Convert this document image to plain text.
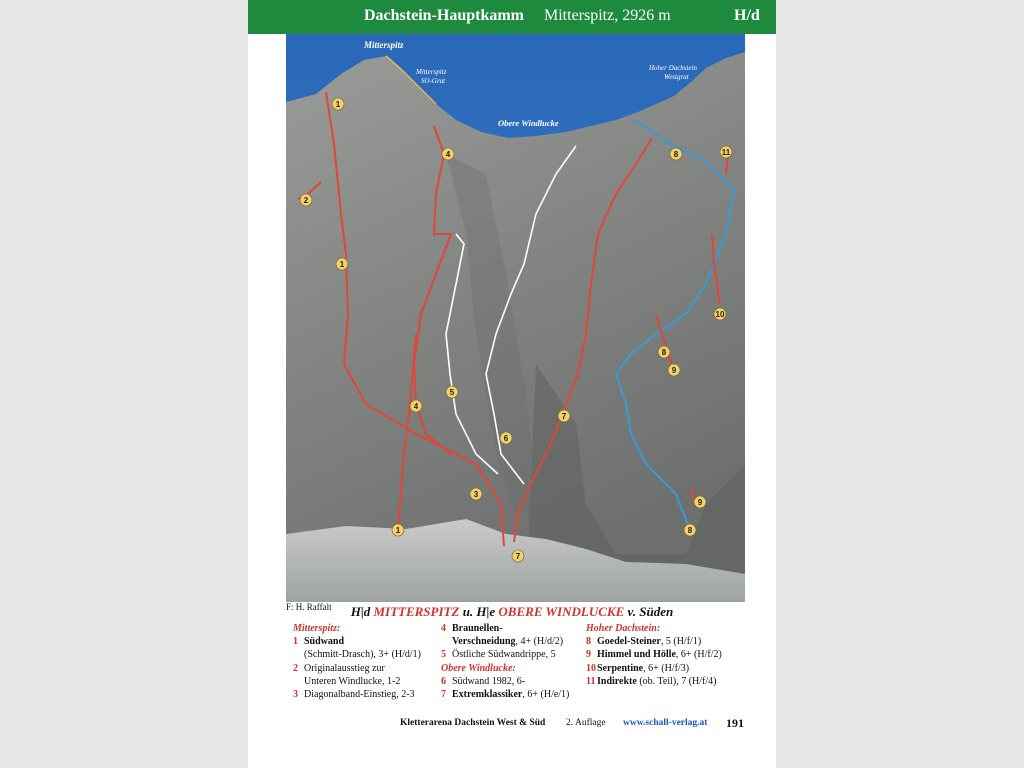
Dachstein-Hauptkamm Mitterspitz, 2926 m	H/d
Mitterspitz
Mitterspitz
SO-Grat
Obere Windlucke
Hoher Dachstein
Westgrat
1
2
1
1
3
4
4
5
6
7
7
8
8
8
9
9
10
11
F: H. Raffalt	H|d MITTERSPITZ u. H|e OBERE WINDLUCKE v. Süden
Mitterspitz:
1 Südwand
(Schmitt-Drasch), 3+ (H/d/1)
2 Originalausstieg zur
Unteren Windlucke, 1-2
3 Diagonalband-Einstieg, 2-3
4 Braunellen-
Verschneidung, 4+ (H/d/2)
5 Östliche Südwandrippe, 5
Obere Windlucke:
6 Südwand 1982, 6-
7 Extremklassiker, 6+ (H/e/1)
Hoher Dachstein:
8 Goedel-Steiner, 5 (H/f/1)
9 Himmel und Hölle, 6+ (H/f/2)
10Serpentine, 6+ (H/f/3)
11 Indirekte (ob. Teil), 7 (H/f/4)
Kletterarena Dachstein West & Süd 2. Auflage www.schall-verlag.at 191
